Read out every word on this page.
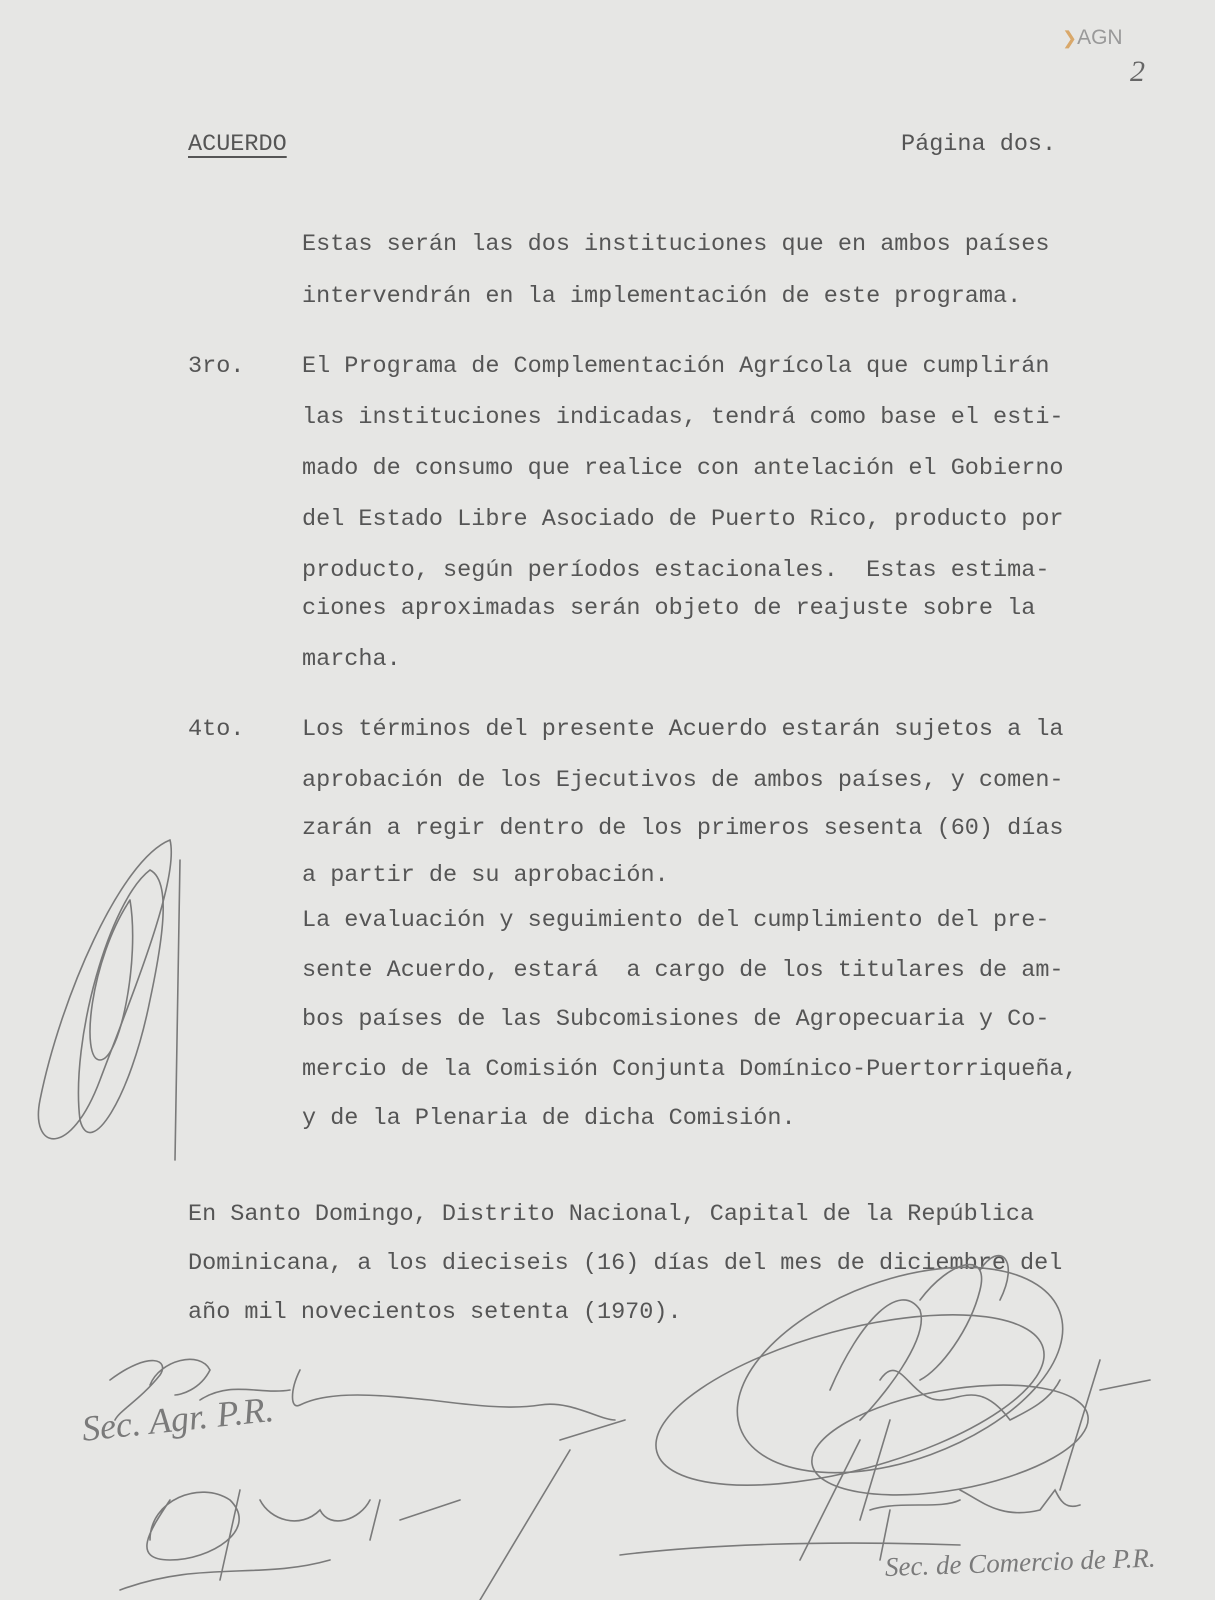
❯AGN
2
ACUERDO	Página dos.
Estas serán las dos instituciones que en ambos países
intervendrán en la implementación de este programa.
3ro. El Programa de Complementación Agrícola que cumplirán
las instituciones indicadas, tendrá como base el esti-
mado de consumo que realice con antelación el Gobierno
del Estado Libre Asociado de Puerto Rico, producto por
producto, según períodos estacionales.  Estas estima-
ciones aproximadas serán objeto de reajuste sobre la
marcha.
4to. Los términos del presente Acuerdo estarán sujetos a la
aprobación de los Ejecutivos de ambos países, y comen-
zarán a regir dentro de los primeros sesenta (60) días
a partir de su aprobación.
La evaluación y seguimiento del cumplimiento del pre-
sente Acuerdo, estará  a cargo de los titulares de am-
bos países de las Subcomisiones de Agropecuaria y Co-
mercio de la Comisión Conjunta Domínico-Puertorriqueña,
y de la Plenaria de dicha Comisión.
En Santo Domingo, Distrito Nacional, Capital de la República
Dominicana, a los dieciseis (16) días del mes de diciembre del
año mil novecientos setenta (1970).
Sec. Agr. P.R.
Sec. de Comercio de P.R.
